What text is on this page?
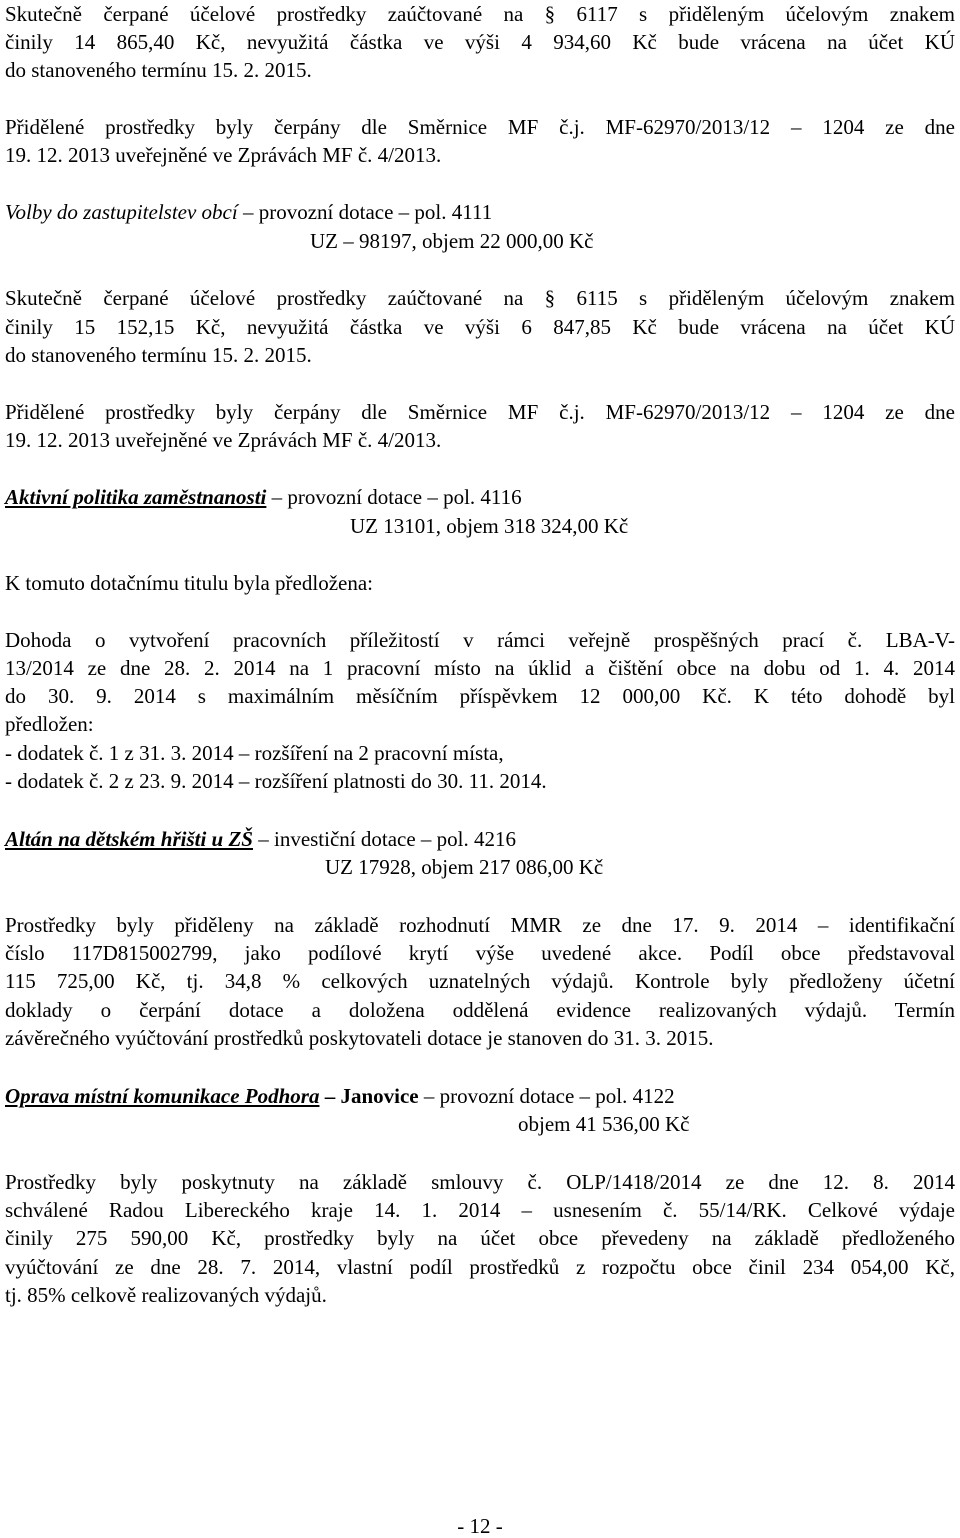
Skutečně čerpané účelové prostředky zaúčtované na § 6117 s přiděleným účelovým znakem
činily 14 865,40 Kč, nevyužitá částka ve výši 4 934,60 Kč bude vrácena na účet KÚ
do stanoveného termínu 15. 2. 2015.
Přidělené prostředky byly čerpány dle Směrnice MF č.j. MF-62970/2013/12 – 1204 ze dne
19. 12. 2013 uveřejněné ve Zprávách MF č. 4/2013.
Volby do zastupitelstev obcí – provozní dotace – pol. 4111
UZ – 98197, objem 22 000,00 Kč
Skutečně čerpané účelové prostředky zaúčtované na § 6115 s přiděleným účelovým znakem
činily 15 152,15 Kč, nevyužitá částka ve výši 6 847,85 Kč bude vrácena na účet KÚ
do stanoveného termínu 15. 2. 2015.
Přidělené prostředky byly čerpány dle Směrnice MF č.j. MF-62970/2013/12 – 1204 ze dne
19. 12. 2013 uveřejněné ve Zprávách MF č. 4/2013.
Aktivní politika zaměstnanosti – provozní dotace – pol. 4116
UZ 13101, objem 318 324,00 Kč
K tomuto dotačnímu titulu byla předložena:
Dohoda o vytvoření pracovních příležitostí v rámci veřejně prospěšných prací č. LBA-V-
13/2014 ze dne 28. 2. 2014 na 1 pracovní místo na úklid a čištění obce na dobu od 1. 4. 2014
do 30. 9. 2014 s maximálním měsíčním příspěvkem 12 000,00 Kč. K této dohodě byl
předložen:
- dodatek č. 1 z 31. 3. 2014 – rozšíření na 2 pracovní místa,
- dodatek č. 2 z 23. 9. 2014 – rozšíření platnosti do 30. 11. 2014.
Altán na dětském hřišti u ZŠ – investiční dotace – pol. 4216
UZ 17928, objem 217 086,00 Kč
Prostředky byly přiděleny na základě rozhodnutí MMR ze dne 17. 9. 2014 – identifikační
číslo 117D815002799, jako podílové krytí výše uvedené akce. Podíl obce představoval
115 725,00 Kč, tj. 34,8 % celkových uznatelných výdajů. Kontrole byly předloženy účetní
doklady o čerpání dotace a doložena oddělená evidence realizovaných výdajů. Termín
závěrečného vyúčtování prostředků poskytovateli dotace je stanoven do 31. 3. 2015.
Oprava místní komunikace Podhora – Janovice – provozní dotace – pol. 4122
objem 41 536,00 Kč
Prostředky byly poskytnuty na základě smlouvy č. OLP/1418/2014 ze dne 12. 8. 2014
schválené Radou Libereckého kraje 14. 1. 2014 – usnesením č. 55/14/RK. Celkové výdaje
činily 275 590,00 Kč, prostředky byly na účet obce převedeny na základě předloženého
vyúčtování ze dne 28. 7. 2014, vlastní podíl prostředků z rozpočtu obce činil 234 054,00 Kč,
tj. 85% celkově realizovaných výdajů.
- 12 -
